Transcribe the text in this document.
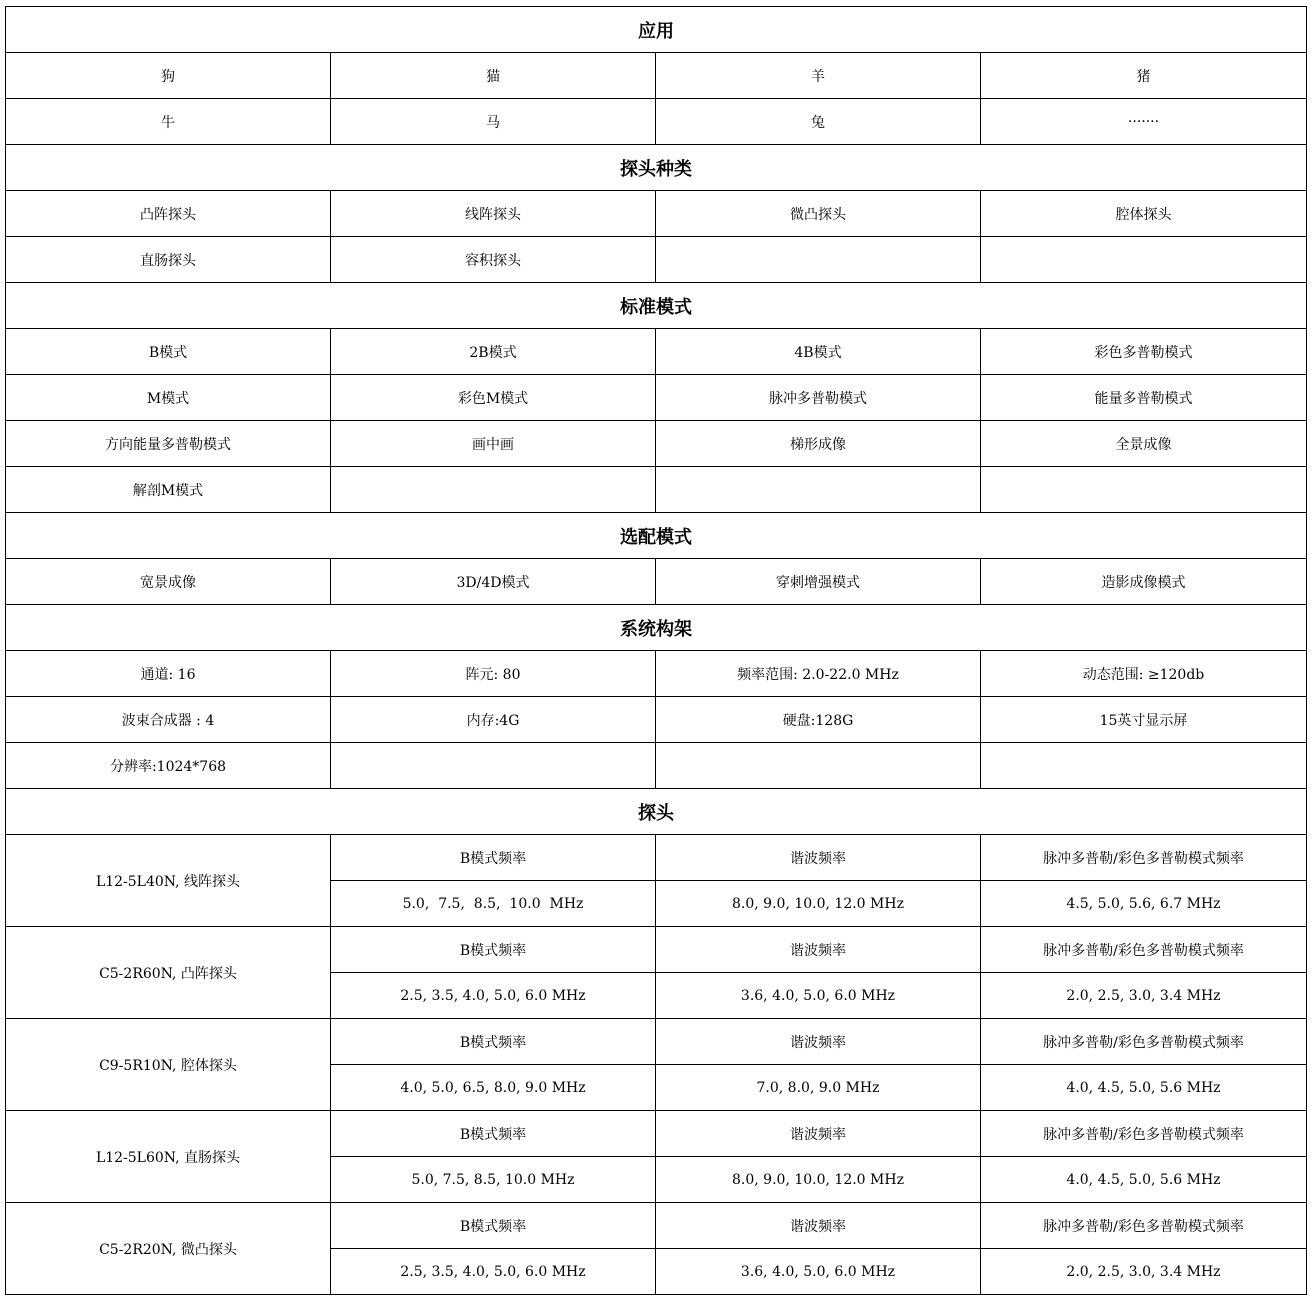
应用			
狗	猫	羊	猪
牛	马	兔	·······
探头种类			
凸阵探头	线阵探头	微凸探头	腔体探头
直肠探头	容积探头		
标准模式			
B模式	2B模式	4B模式	彩色多普勒模式
M模式	彩色M模式	脉冲多普勒模式	能量多普勒模式
方向能量多普勒模式	画中画	梯形成像	全景成像
解剖M模式			
选配模式			
宽景成像	3D/4D模式	穿刺增强模式	造影成像模式
系统构架			
通道: 16	阵元: 80	频率范围: 2.0-22.0 MHz	动态范围: ≥120db
波束合成器 : 4	内存:4G	硬盘:128G	15英寸显示屏
分辨率:1024*768			
探头			
L12-5L40N, 线阵探头	B模式频率	谐波频率	脉冲多普勒/彩色多普勒模式频率
	5.0,  7.5,  8.5,  10.0  MHz	8.0, 9.0, 10.0, 12.0 MHz	4.5, 5.0, 5.6, 6.7 MHz
C5-2R60N, 凸阵探头	B模式频率	谐波频率	脉冲多普勒/彩色多普勒模式频率
	2.5, 3.5, 4.0, 5.0, 6.0 MHz	3.6, 4.0, 5.0, 6.0 MHz	2.0, 2.5, 3.0, 3.4 MHz
C9-5R10N, 腔体探头	B模式频率	谐波频率	脉冲多普勒/彩色多普勒模式频率
	4.0, 5.0, 6.5, 8.0, 9.0 MHz	7.0, 8.0, 9.0 MHz	4.0, 4.5, 5.0, 5.6 MHz
L12-5L60N, 直肠探头	B模式频率	谐波频率	脉冲多普勒/彩色多普勒模式频率
	5.0, 7.5, 8.5, 10.0 MHz	8.0, 9.0, 10.0, 12.0 MHz	4.0, 4.5, 5.0, 5.6 MHz
C5-2R20N, 微凸探头	B模式频率	谐波频率	脉冲多普勒/彩色多普勒模式频率
	2.5, 3.5, 4.0, 5.0, 6.0 MHz	3.6, 4.0, 5.0, 6.0 MHz	2.0, 2.5, 3.0, 3.4 MHz
